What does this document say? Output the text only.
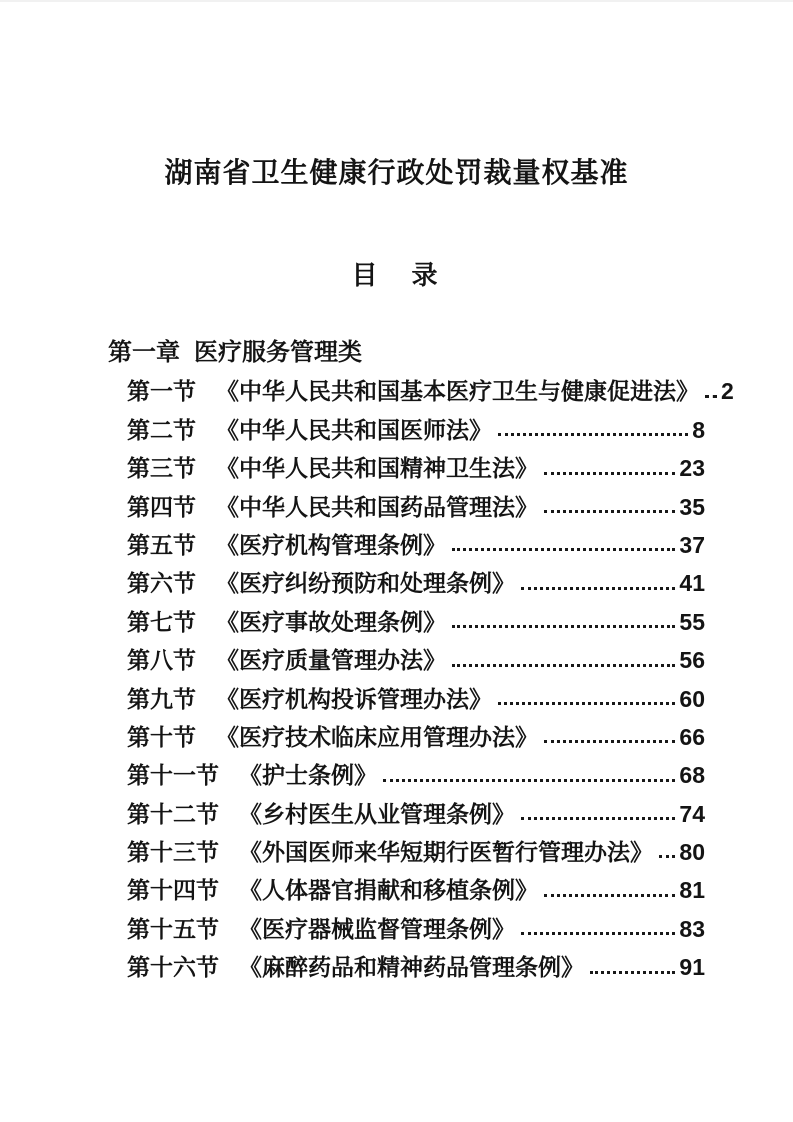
湖南省卫生健康行政处罚裁量权基准
目　录
第一章 医疗服务管理类
第一节 《中华人民共和国基本医疗卫生与健康促进法》 2
第二节 《中华人民共和国医师法》	8
第三节 《中华人民共和国精神卫生法》	23
第四节 《中华人民共和国药品管理法》	35
第五节 《医疗机构管理条例》	37
第六节 《医疗纠纷预防和处理条例》	41
第七节 《医疗事故处理条例》	55
第八节 《医疗质量管理办法》	56
第九节 《医疗机构投诉管理办法》	60
第十节 《医疗技术临床应用管理办法》	66
第十一节 《护士条例》	68
第十二节 《乡村医生从业管理条例》	74
第十三节 《外国医师来华短期行医暂行管理办法》 80
第十四节 《人体器官捐献和移植条例》	81
第十五节 《医疗器械监督管理条例》	83
第十六节 《麻醉药品和精神药品管理条例》	91
